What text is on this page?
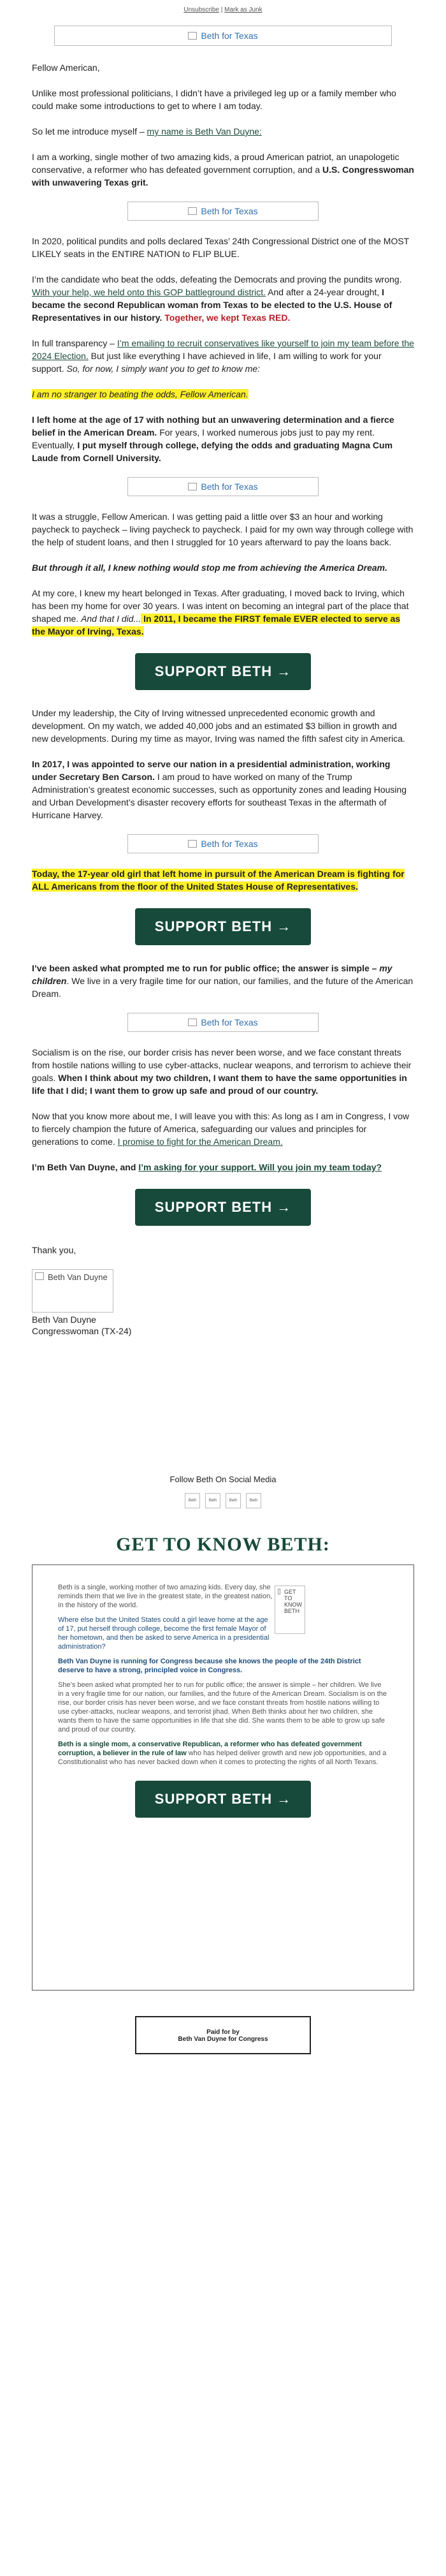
Unsubscribe | Mark as Junk
Beth for Texas

Fellow American,

Unlike most professional politicians, I didn’t have a privileged leg up or a family member who could make some introductions to get to where I am today.

So let me introduce myself – my name is Beth Van Duyne:

I am a working, single mother of two amazing kids, a proud American patriot, an unapologetic conservative, a reformer who has defeated government corruption, and a U.S. Congresswoman with unwavering Texas grit.

Beth for Texas

In 2020, political pundits and polls declared Texas’ 24th Congressional District one of the MOST LIKELY seats in the ENTIRE NATION to FLIP BLUE.

I’m the candidate who beat the odds, defeating the Democrats and proving the pundits wrong. With your help, we held onto this GOP battleground district. And after a 24-year drought, I became the second Republican woman from Texas to be elected to the U.S. House of Representatives in our history. Together, we kept Texas RED.

In full transparency – I’m emailing to recruit conservatives like yourself to join my team before the 2024 Election. But just like everything I have achieved in life, I am willing to work for your support. So, for now, I simply want you to get to know me:

I am no stranger to beating the odds, Fellow American.

I left home at the age of 17 with nothing but an unwavering determination and a fierce belief in the American Dream. For years, I worked numerous jobs just to pay my rent. Eventually, I put myself through college, defying the odds and graduating Magna Cum Laude from Cornell University.

Beth for Texas

It was a struggle, Fellow American. I was getting paid a little over $3 an hour and working paycheck to paycheck – living paycheck to paycheck. I paid for my own way through college with the help of student loans, and then I struggled for 10 years afterward to pay the loans back.

But through it all, I knew nothing would stop me from achieving the America Dream.

At my core, I knew my heart belonged in Texas. After graduating, I moved back to Irving, which has been my home for over 30 years. I was intent on becoming an integral part of the place that shaped me. And that I did... In 2011, I became the FIRST female EVER elected to serve as the Mayor of Irving, Texas.

SUPPORT BETH →

Under my leadership, the City of Irving witnessed unprecedented economic growth and development. On my watch, we added 40,000 jobs and an estimated $3 billion in growth and new developments. During my time as mayor, Irving was named the fifth safest city in America.

In 2017, I was appointed to serve our nation in a presidential administration, working under Secretary Ben Carson. I am proud to have worked on many of the Trump Administration’s greatest economic successes, such as opportunity zones and leading Housing and Urban Development’s disaster recovery efforts for southeast Texas in the aftermath of Hurricane Harvey.

Beth for Texas

Today, the 17-year old girl that left home in pursuit of the American Dream is fighting for ALL Americans from the floor of the United States House of Representatives.

SUPPORT BETH →

I’ve been asked what prompted me to run for public office; the answer is simple – my children. We live in a very fragile time for our nation, our families, and the future of the American Dream.

Beth for Texas

Socialism is on the rise, our border crisis has never been worse, and we face constant threats from hostile nations willing to use cyber-attacks, nuclear weapons, and terrorism to achieve their goals. When I think about my two children, I want them to have the same opportunities in life that I did; I want them to grow up safe and proud of our country.

Now that you know more about me, I will leave you with this: As long as I am in Congress, I vow to fiercely champion the future of America, safeguarding our values and principles for generations to come. I promise to fight for the American Dream.

I’m Beth Van Duyne, and I’m asking for your support. Will you join my team today?

SUPPORT BETH →

Thank you,

Beth Van Duyne
Beth Van Duyne
Congresswoman (TX-24)
Follow Beth On Social Media
Beth	Beth	Beth	Beth
GET TO KNOW BETH:
GET TO KNOW BETH

Beth is a single, working mother of two amazing kids. Every day, she reminds them that we live in the greatest state, in the greatest nation, in the history of the world.

Where else but the United States could a girl leave home at the age of 17, put herself through college, become the first female Mayor of her hometown, and then be asked to serve America in a presidential administration?

Beth Van Duyne is running for Congress because she knows the people of the 24th District deserve to have a strong, principled voice in Congress.

She’s been asked what prompted her to run for public office; the answer is simple – her children. We live in a very fragile time for our nation, our families, and the future of the American Dream. Socialism is on the rise, our border crisis has never been worse, and we face constant threats from hostile nations willing to use cyber-attacks, nuclear weapons, and terrorist jihad. When Beth thinks about her two children, she wants them to have the same opportunities in life that she did. She wants them to be able to grow up safe and proud of our country.

Beth is a single mom, a conservative Republican, a reformer who has defeated government corruption, a believer in the rule of law who has helped deliver growth and new job opportunities, and a Constitutionalist who has never backed down when it comes to protecting the rights of all North Texans.

SUPPORT BETH →
Paid for by
Beth Van Duyne for Congress
